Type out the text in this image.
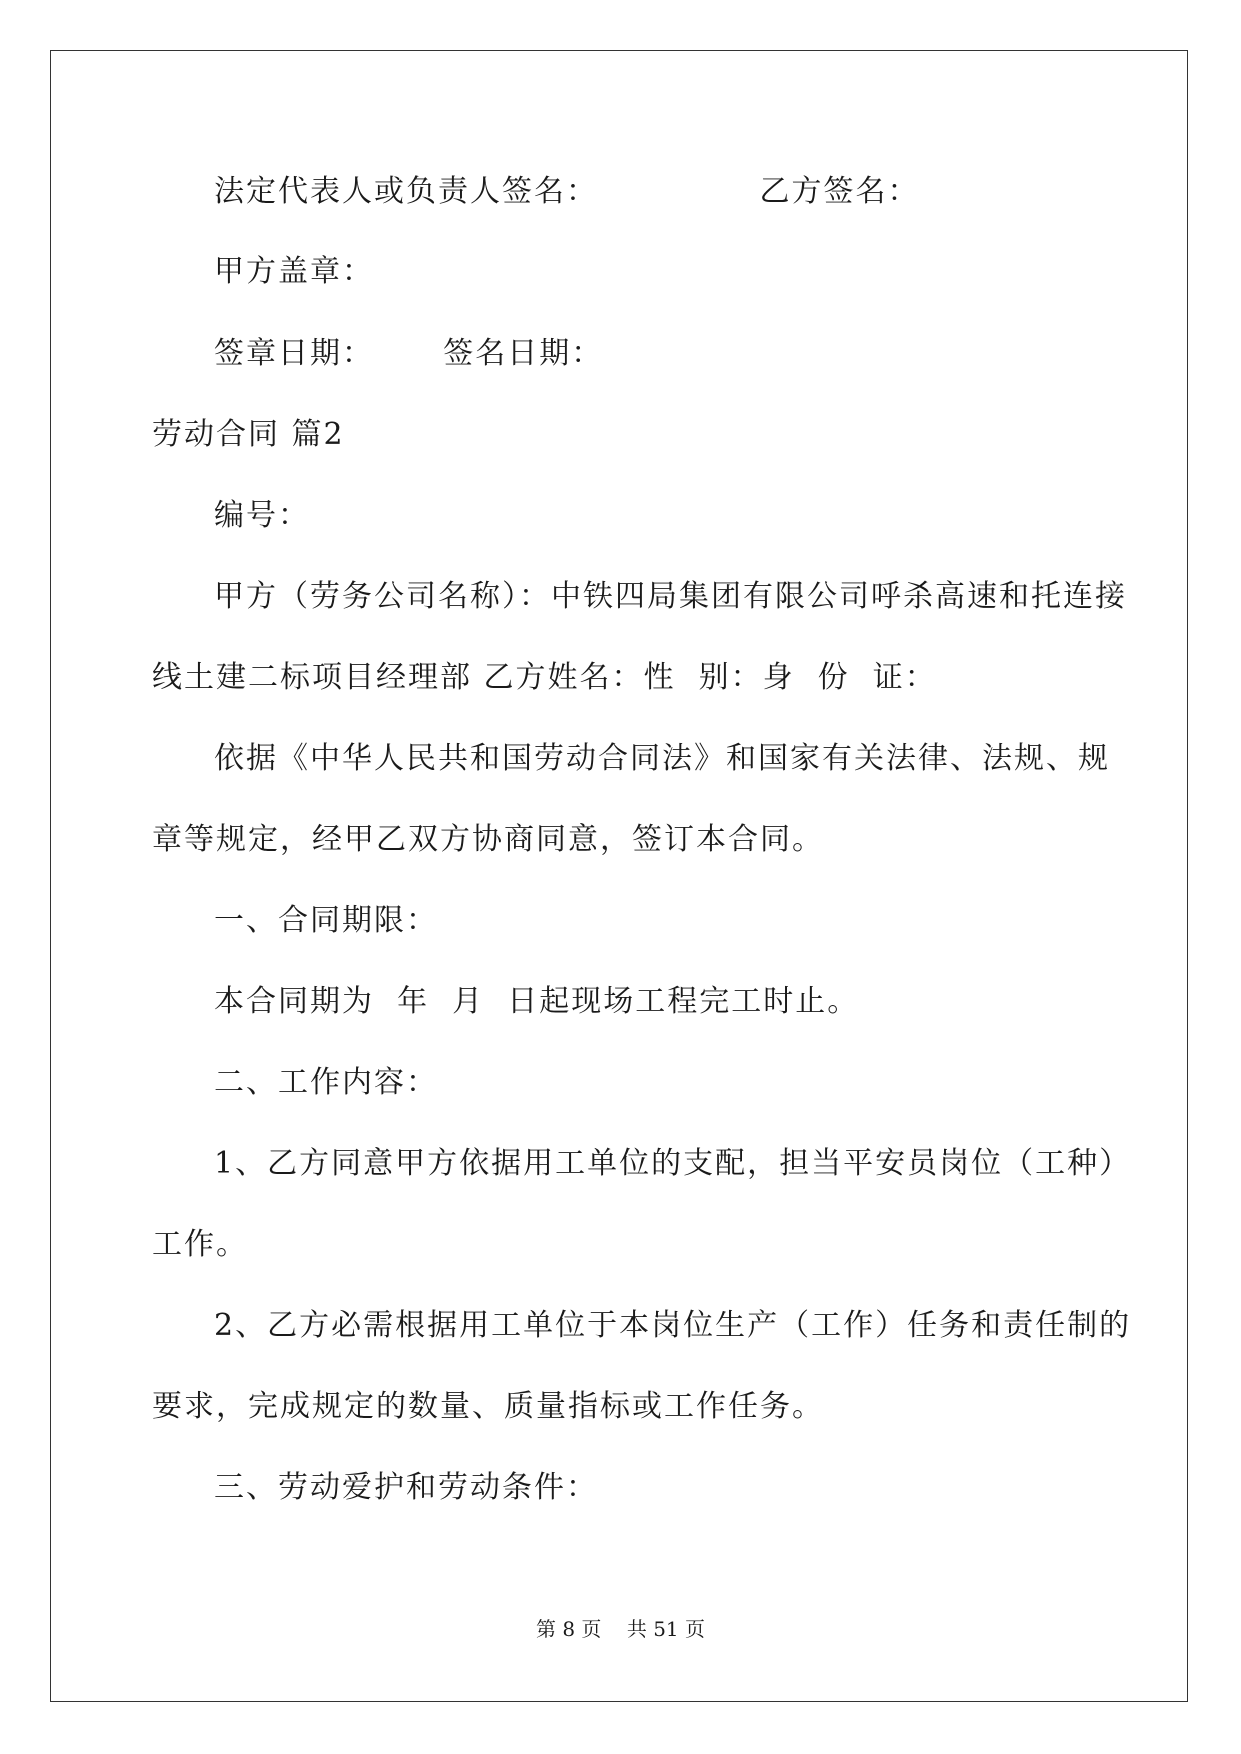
法定代表人或负责人签名：              乙方签名：

甲方盖章：

签章日期：      签名日期：

劳动合同 篇2

编号：

甲方（劳务公司名称）：中铁四局集团有限公司呼杀高速和托连接

线土建二标项目经理部 乙方姓名：性  别：身  份  证：

依据《中华人民共和国劳动合同法》和国家有关法律、法规、规

章等规定，经甲乙双方协商同意，签订本合同。

一、合同期限：

本合同期为  年  月  日起现场工程完工时止。

二、工作内容：

1、乙方同意甲方依据用工单位的支配，担当平安员岗位（工种）

工作。

2、乙方必需根据用工单位于本岗位生产（工作）任务和责任制的

要求，完成规定的数量、质量指标或工作任务。

三、劳动爱护和劳动条件：

第 8 页    共 51 页
